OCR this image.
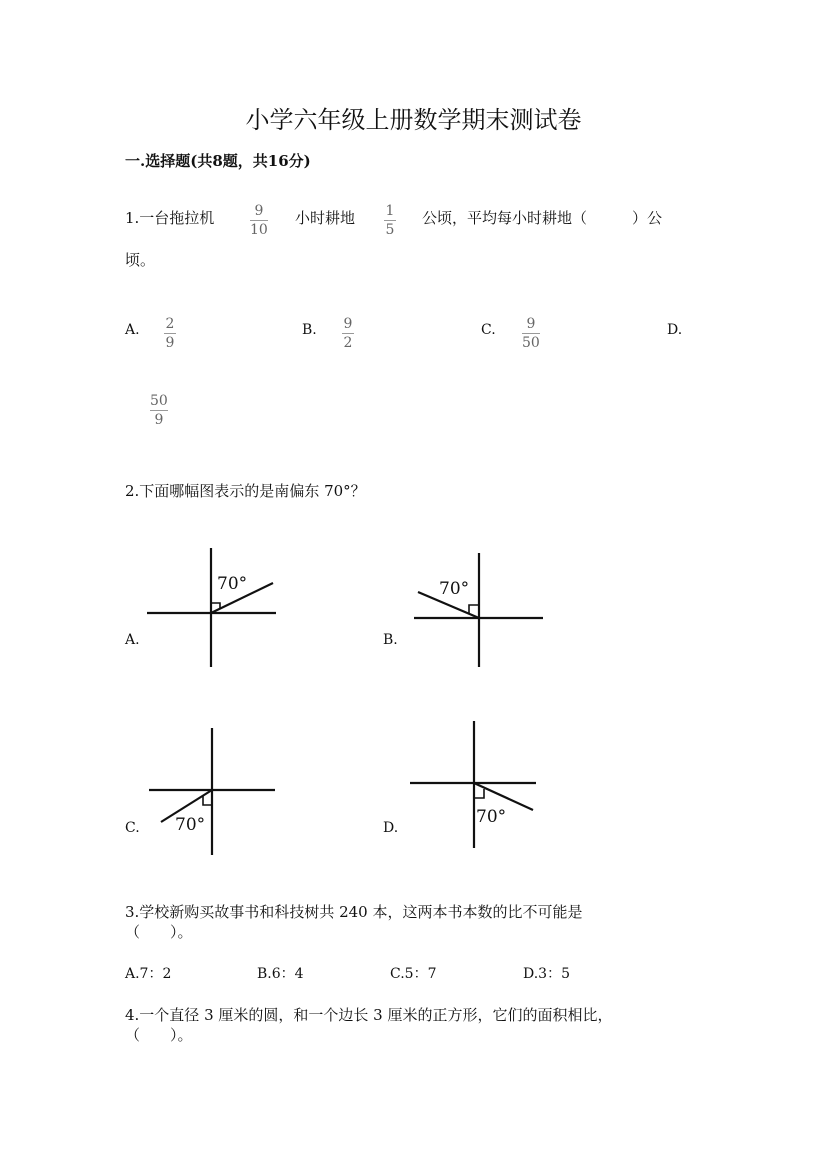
小学六年级上册数学期末测试卷
一.选择题(共8题，共16分)
1.一台拖拉机	9
10
小时耕地 1
5
公顷，平均每小时耕地（　　　）公
顷。
A. 2
9
B. 9
2
C. 9
50
D.
50
9
2.下面哪幅图表示的是南偏东 70°？
A.
70°
B.
70°
C. 70°	D.
70°
3.学校新购买故事书和科技树共 240 本，这两本书本数的比不可能是
（　　）。
A.7：2	B.6：4	C.5：7	D.3：5
4.一个直径 3 厘米的圆，和一个边长 3 厘米的正方形，它们的面积相比，
（　　）。
